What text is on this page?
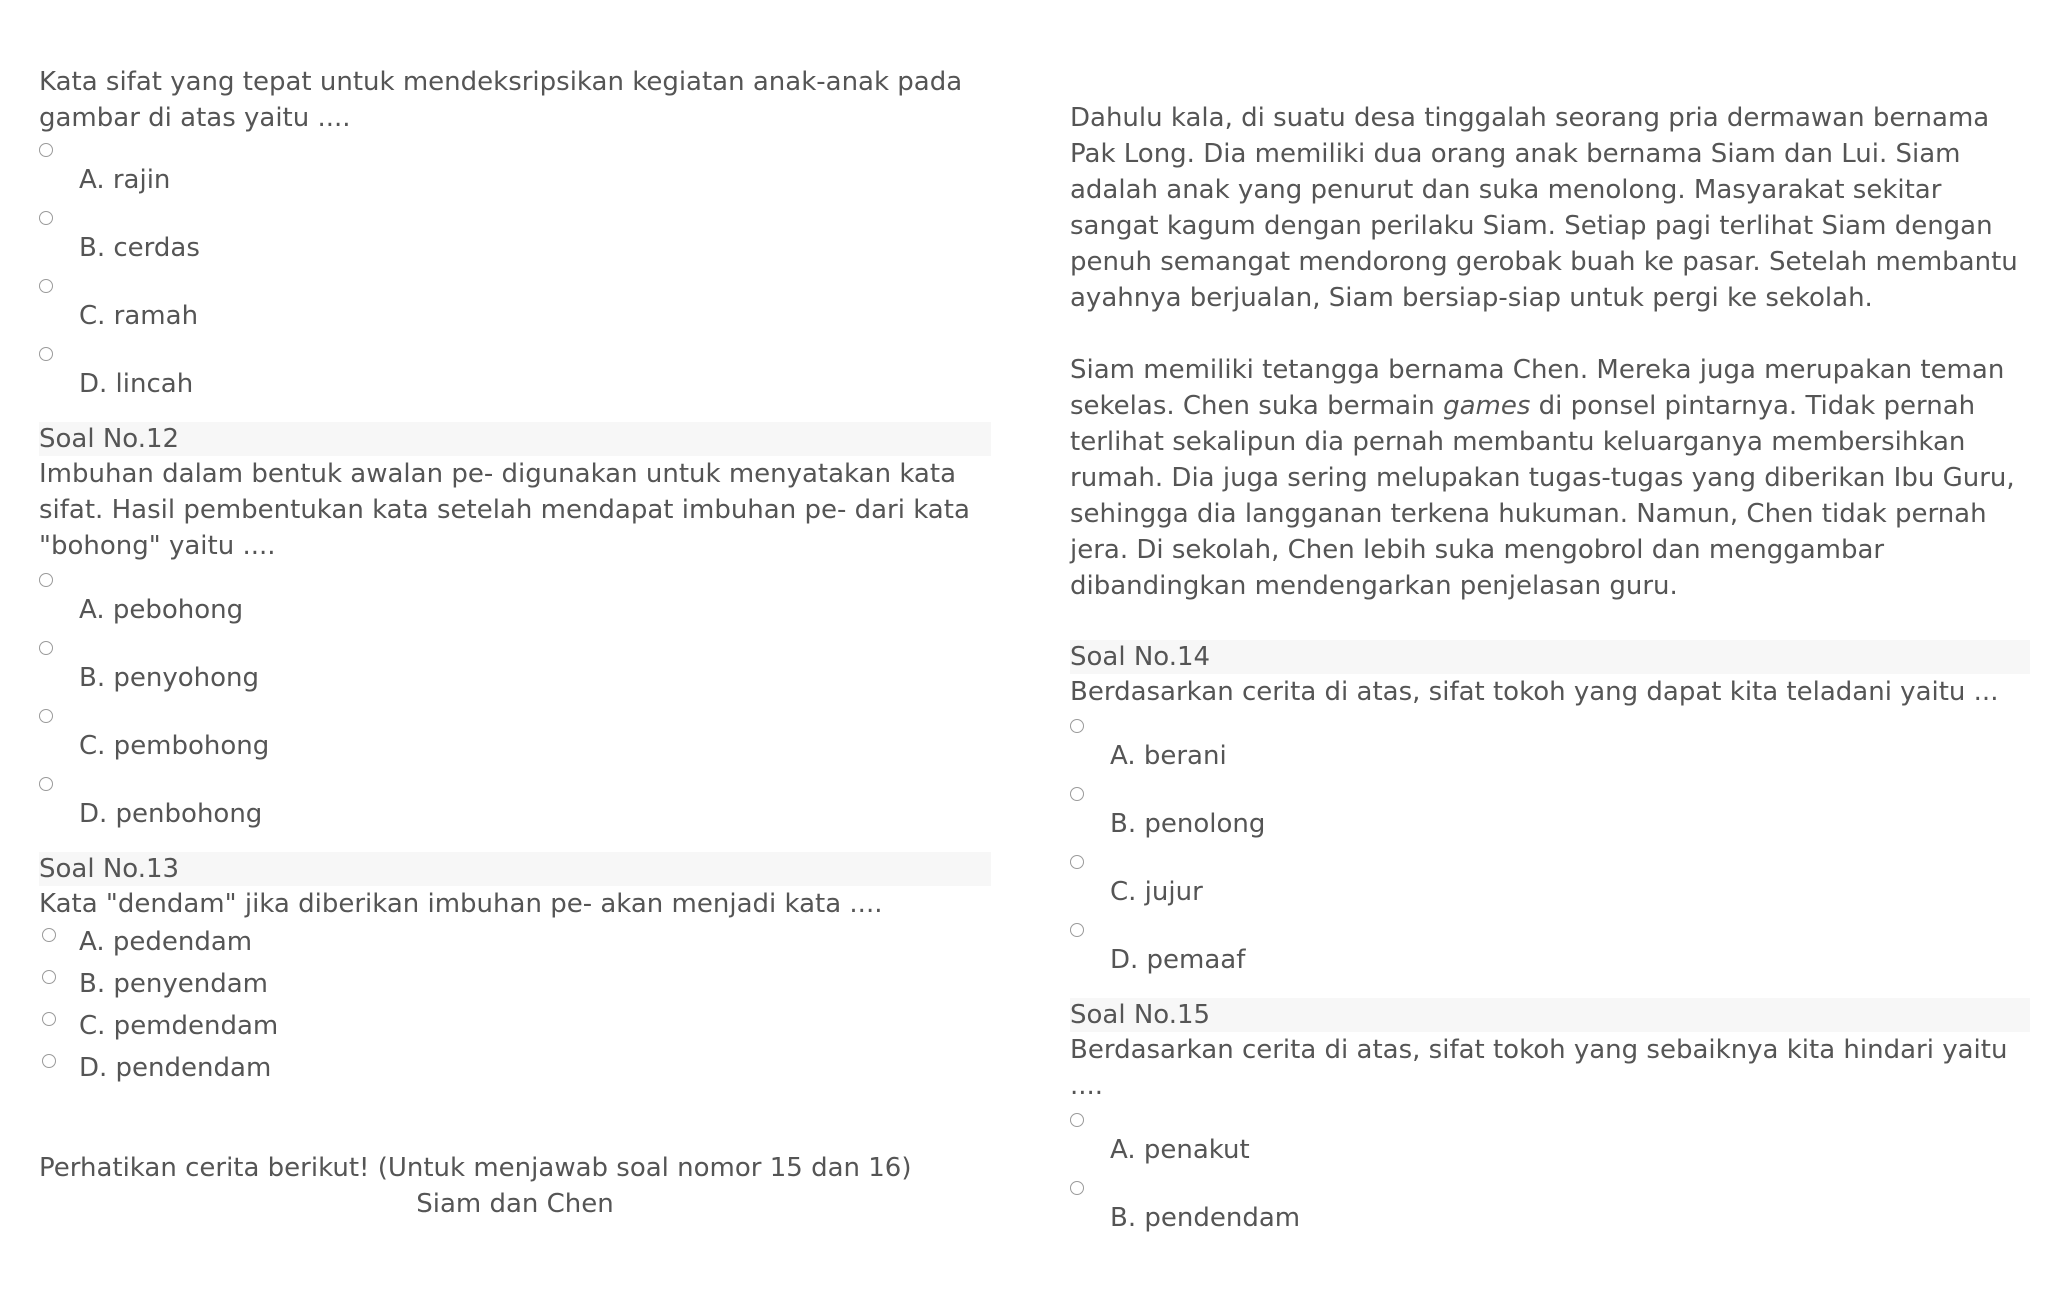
Kata sifat yang tepat untuk mendeksripsikan kegiatan anak-anak pada gambar di atas yaitu ....
A. rajin
B. cerdas
C. ramah
D. lincah
Soal No.12
Imbuhan dalam bentuk awalan pe- digunakan untuk menyatakan kata sifat. Hasil pembentukan kata setelah mendapat imbuhan pe- dari kata "bohong" yaitu ....
A. pebohong
B. penyohong
C. pembohong
D. penbohong
Soal No.13
Kata "dendam" jika diberikan imbuhan pe- akan menjadi kata ....
A. pedendam
B. penyendam
C. pemdendam
D. pendendam
Perhatikan cerita berikut! (Untuk menjawab soal nomor 15 dan 16)
Siam dan Chen
Dahulu kala, di suatu desa tinggalah seorang pria dermawan bernama Pak Long. Dia memiliki dua orang anak bernama Siam dan Lui. Siam adalah anak yang penurut dan suka menolong. Masyarakat sekitar sangat kagum dengan perilaku Siam. Setiap pagi terlihat Siam dengan penuh semangat mendorong gerobak buah ke pasar. Setelah membantu ayahnya berjualan, Siam bersiap-siap untuk pergi ke sekolah.
Siam memiliki tetangga bernama Chen. Mereka juga merupakan teman sekelas. Chen suka bermain games di ponsel pintarnya. Tidak pernah terlihat sekalipun dia pernah membantu keluarganya membersihkan rumah. Dia juga sering melupakan tugas-tugas yang diberikan Ibu Guru, sehingga dia langganan terkena hukuman. Namun, Chen tidak pernah jera. Di sekolah, Chen lebih suka mengobrol dan menggambar dibandingkan mendengarkan penjelasan guru.
Soal No.14
Berdasarkan cerita di atas, sifat tokoh yang dapat kita teladani yaitu ...
A. berani
B. penolong
C. jujur
D. pemaaf
Soal No.15
Berdasarkan cerita di atas, sifat tokoh yang sebaiknya kita hindari yaitu ....
A. penakut
B. pendendam
